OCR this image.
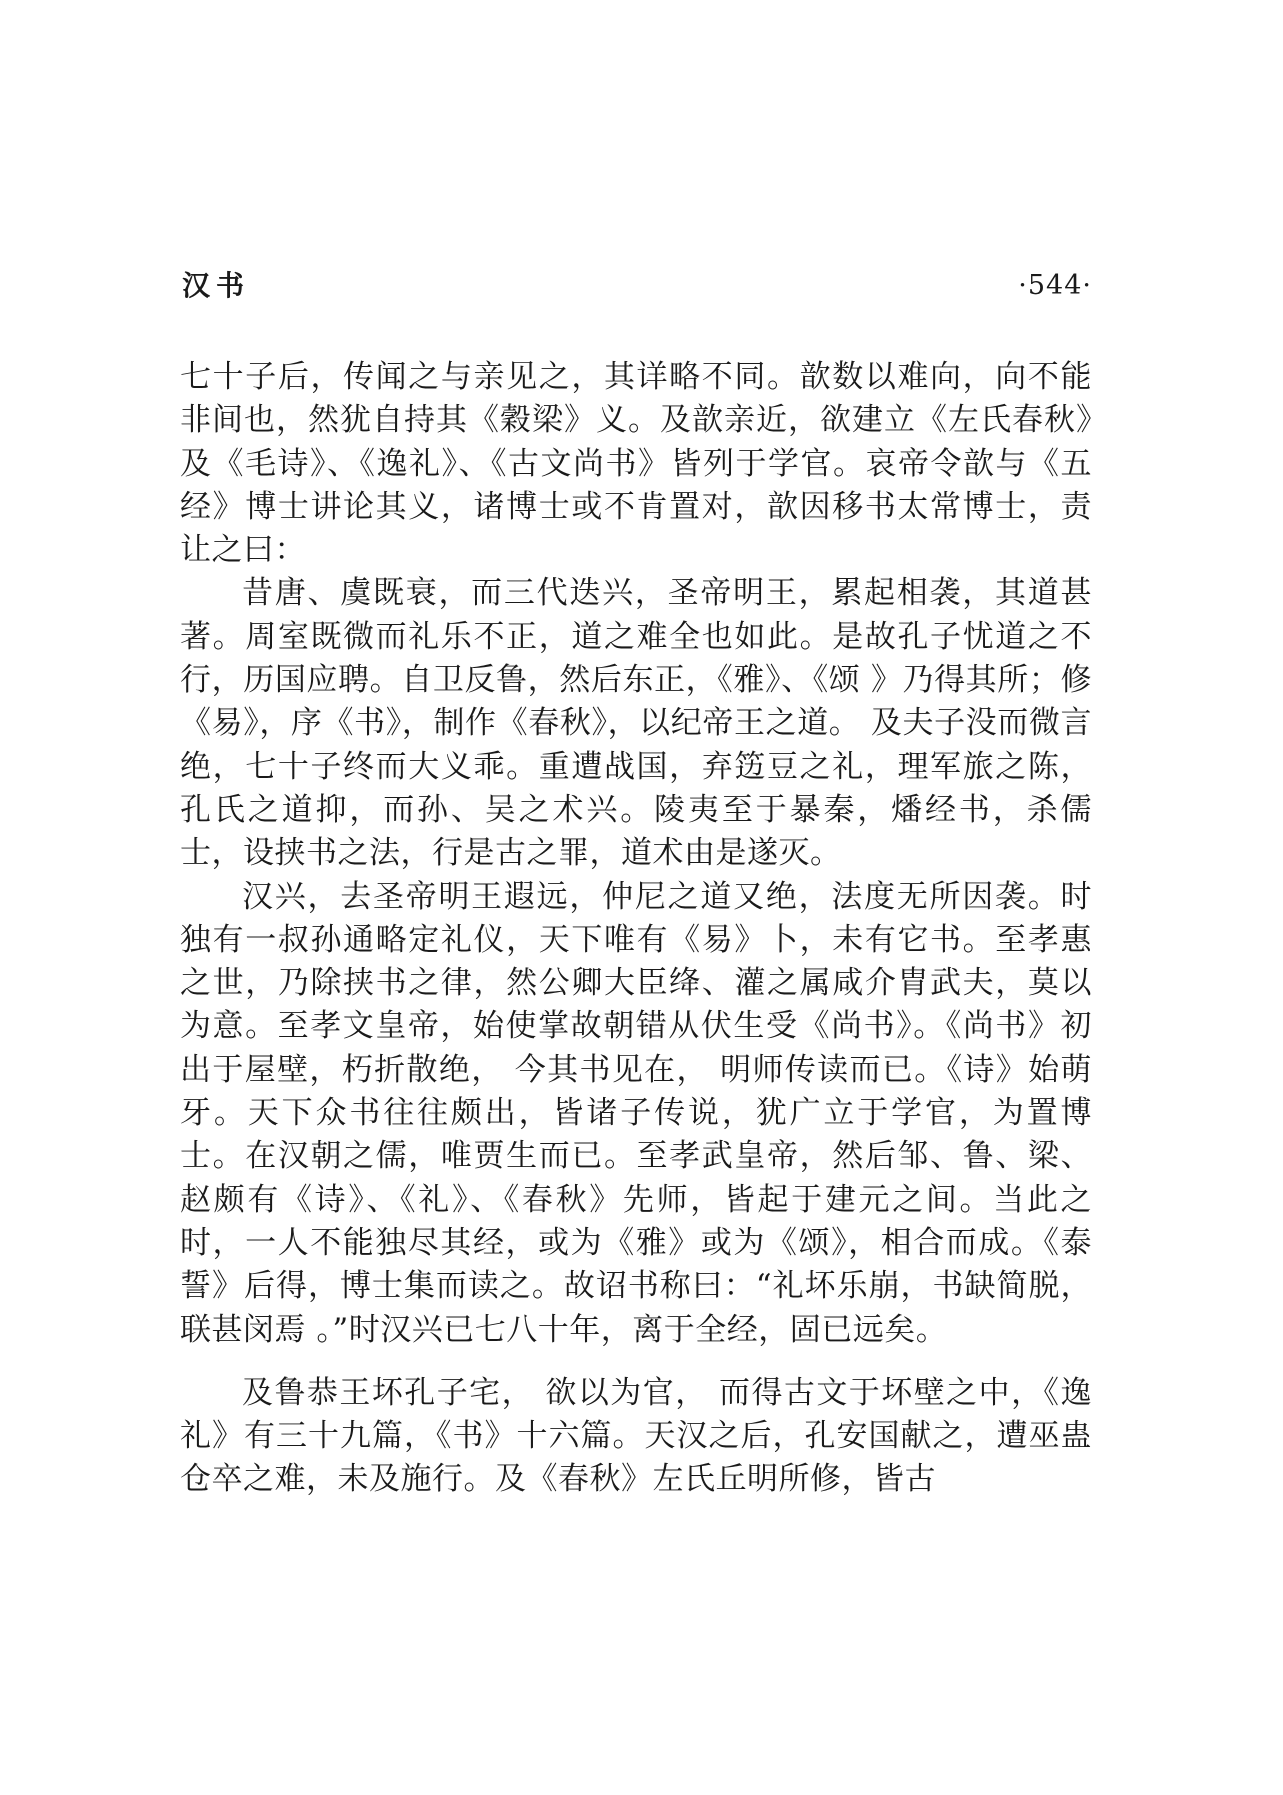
汉书	·544·

七十子后，传闻之与亲见之，其详略不同。歆数以难向，向不能非间也，然犹自持其《穀梁》义。及歆亲近，欲建立《左氏春秋》及《毛诗》、《逸礼》、《古文尚书》皆列于学官。哀帝令歆与《五经》博士讲论其义，诸博士或不肯置对，歆因移书太常博士，责让之曰：

昔唐、虞既衰，而三代迭兴，圣帝明王，累起相袭，其道甚著。周室既微而礼乐不正，道之难全也如此。是故孔子忧道之不行，历国应聘。自卫反鲁，然后东正，《雅》、《颂 》乃得其所；修《易》，序《书》，制作《春秋》，以纪帝王之道。 及夫子没而微言绝，七十子终而大义乖。重遭战国，弃笾豆之礼，理军旅之陈，孔氏之道抑，而孙、吴之术兴。陵夷至于暴秦，燔经书，杀儒士，设挟书之法，行是古之罪，道术由是遂灭。

汉兴，去圣帝明王遐远，仲尼之道又绝，法度无所因袭。时独有一叔孙通略定礼仪，天下唯有《易》卜，未有它书。至孝惠之世，乃除挟书之律，然公卿大臣绛、灌之属咸介胄武夫，莫以为意。至孝文皇帝，始使掌故朝错从伏生受《尚书》。《尚书》初出于屋壁，朽折散绝， 今其书见在， 明师传读而已。《诗》始萌牙。天下众书往往颇出，皆诸子传说，犹广立于学官，为置博士。在汉朝之儒，唯贾生而已。至孝武皇帝，然后邹、鲁、梁、赵颇有《诗》、《礼》、《春秋》先师，皆起于建元之间。当此之时，一人不能独尽其经，或为《雅》或为《颂》，相合而成。《泰誓》后得，博士集而读之。故诏书称曰：“礼坏乐崩，书缺简脱，联甚闵焉 。”时汉兴已七八十年，离于全经，固已远矣。

及鲁恭王坏孔子宅， 欲以为官， 而得古文于坏壁之中，《逸礼》有三十九篇，《书》十六篇。天汉之后，孔安国献之，遭巫蛊仓卒之难，未及施行。及《春秋》左氏丘明所修，皆古
